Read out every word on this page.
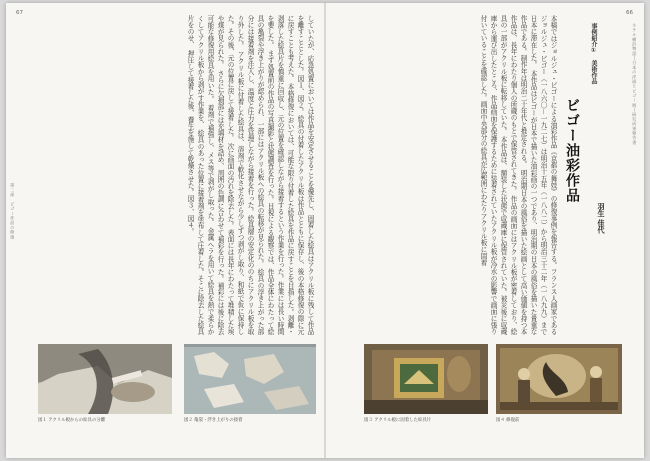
67
第二部　ビゴー作品の修復	していたが、応急処置においては作品を安定させることを優先し、固着した絵具はアクリル板に残して作品を離すこととした。図１、図２。絵具の付着したアクリル板は作品とともに保存し、後の本格修復の際に元に戻すことも考えた。 本格修復においては、可能な限り付着した絵具を作品に戻すことを目指した。剥離・剥落した絵具片を慎重に回収し、元の位置を確認しながら接着するという作業を行った。作業には長い時間を要した。 まず処置前の作品の写真撮影と状態調査を行った。目視による観察では、作品全体にわたって絵具の亀裂や浮き上がりが認められ、一部にはアクリル板への絵具の転移が見られた。 絵具の浮き上がった部分には接着剤を注入し、温度と圧力を管理しながら接着を行った。絵具層の安定化ののちにアクリル板を取り外した。 アクリル板に付着した絵具は、溶剤で軟化させながら少しずつ剥がし取り、和紙で仮に保持した。その後、元の位置に戻して接着した。 次に画面の汚れを除去した。表面には長年にわたって堆積した埃や煤が見られた。 さらに欠損部には充填材を詰め、周囲の色調に合わせて補彩を行った。補彩には後に除去可能な修復用絵具を用いた。 着剤で補強し、メス等で剥がし取った。 金属ヘラを用いて絵具を熱で柔らかくしてアクリル板から剥がす作業を、 絵具のあった位置に接着剤を塗布して圧着した。そこに除去した絵具片をのせ、 押圧して接着した後、養生を施して乾燥させた。図３、図４。
図１ アクリル板からの絵具の分離	図２ 亀裂・浮き上がりの接着
66
ホテル横浜物語―日本の洋画とビゴー展―研究成果報告書
事例紹介①　美術作品
ビゴー油彩作品
羽生 佳代
本稿ではジョルジュ・ビゴーによる油彩作品《京都の舞妓》の修復事例を報告する。フランス人画家であるジョルジュ・ビゴー（一八六〇－一九二七）は明治十五年（一八八二）から明治三十二年（一八九九）まで日本に滞在した。 本作品はビゴーが日本で描いた油彩画の一つであり、明治期の日本の風俗を描いた貴重な作品である。制作年は明治二十年代と推定される。 明治期日本の風俗を描いた絵画として高い価値を持つ本作品は、長年にわたり個人の所蔵のもとで保管されてきた。 作品の画面にはアクリル板が密着しており、絵具の一部がアクリル板に転移していた。 本作品は、額装した状態で収蔵庫に保管されていた。被災後に収蔵庫から運び出したところ、作品画面を保護するために装着されていたアクリル板が冷水の影響で画面に張り付いていることを確認した。画面中央部分の絵具が広範囲にわたりアクリル板に固着
図３ アクリル板に固着した絵具片	図４ 修復前
